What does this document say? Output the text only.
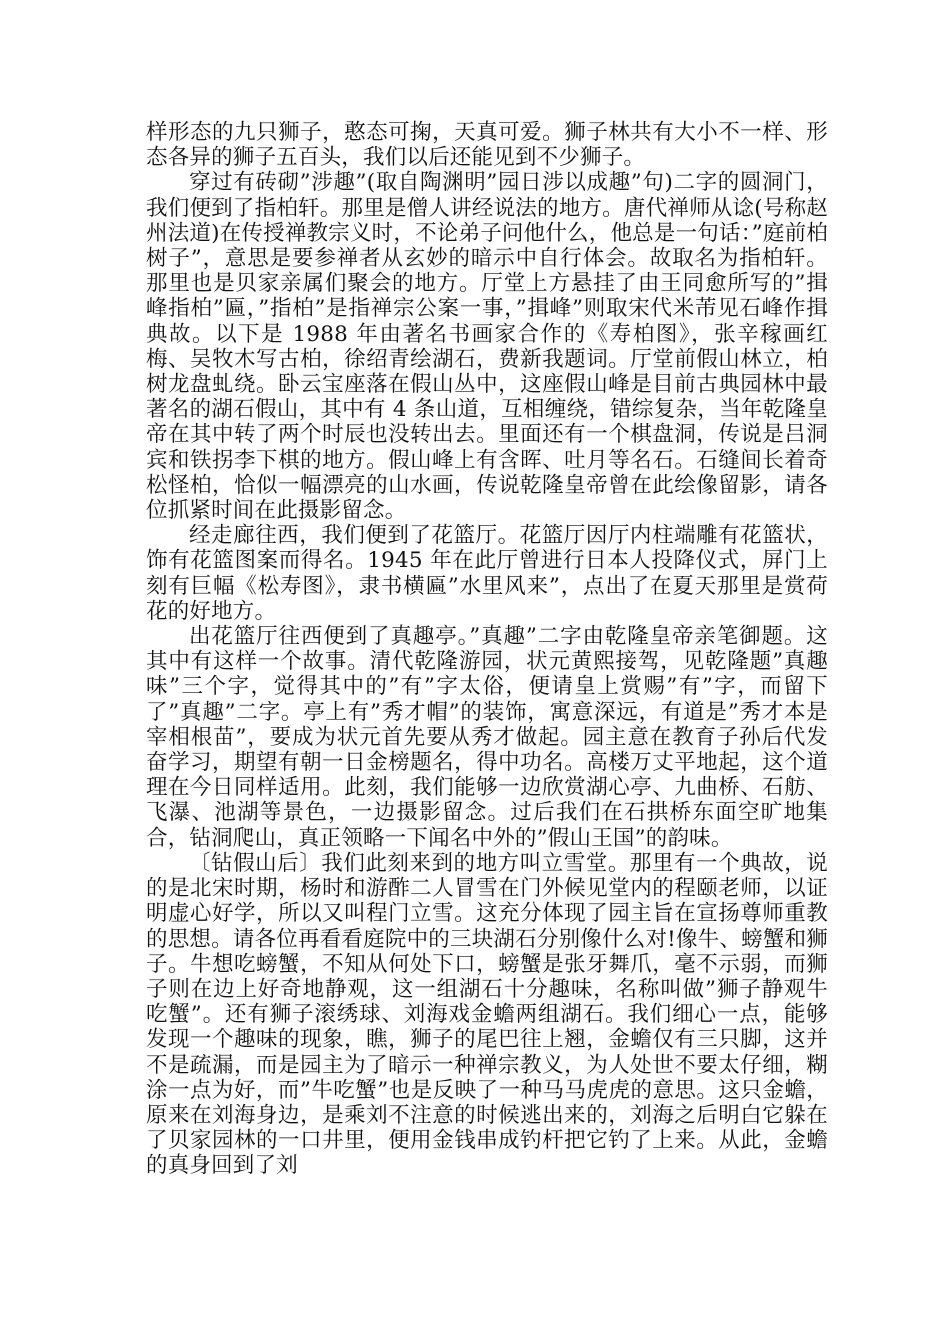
样形态的九只狮子，憨态可掬，天真可爱。狮子林共有大小不一样、形态各异的狮子五百头，我们以后还能见到不少狮子。

穿过有砖砌”涉趣”(取自陶渊明”园日涉以成趣”句)二字的圆洞门，我们便到了指柏轩。那里是僧人讲经说法的地方。唐代禅师从谂(号称赵州法道)在传授禅教宗义时，不论弟子问他什么，他总是一句话：”庭前柏树子”，意思是要参禅者从玄妙的暗示中自行体会。故取名为指柏轩。那里也是贝家亲属们聚会的地方。厅堂上方悬挂了由王同愈所写的”揖峰指柏”匾，”指柏”是指禅宗公案一事，”揖峰”则取宋代米芾见石峰作揖典故。以下是 1988 年由著名书画家合作的《寿柏图》，张辛稼画红梅、吴牧木写古柏，徐绍青绘湖石，费新我题词。厅堂前假山林立，柏树龙盘虬绕。卧云宝座落在假山丛中，这座假山峰是目前古典园林中最著名的湖石假山，其中有 4 条山道，互相缠绕，错综复杂，当年乾隆皇帝在其中转了两个时辰也没转出去。里面还有一个棋盘洞，传说是吕洞宾和铁拐李下棋的地方。假山峰上有含晖、吐月等名石。石缝间长着奇松怪柏，恰似一幅漂亮的山水画，传说乾隆皇帝曾在此绘像留影，请各位抓紧时间在此摄影留念。

经走廊往西，我们便到了花篮厅。花篮厅因厅内柱端雕有花篮状，饰有花篮图案而得名。1945 年在此厅曾进行日本人投降仪式，屏门上刻有巨幅《松寿图》，隶书横匾”水里风来”，点出了在夏天那里是赏荷花的好地方。

出花篮厅往西便到了真趣亭。”真趣”二字由乾隆皇帝亲笔御题。这其中有这样一个故事。清代乾隆游园，状元黄熙接驾，见乾隆题”真趣味”三个字，觉得其中的”有”字太俗，便请皇上赏赐”有”字，而留下了”真趣”二字。亭上有”秀才帽”的装饰，寓意深远，有道是”秀才本是宰相根苗”，要成为状元首先要从秀才做起。园主意在教育子孙后代发奋学习，期望有朝一日金榜题名，得中功名。高楼万丈平地起，这个道理在今日同样适用。此刻，我们能够一边欣赏湖心亭、九曲桥、石舫、飞瀑、池湖等景色，一边摄影留念。过后我们在石拱桥东面空旷地集合，钻洞爬山，真正领略一下闻名中外的”假山王国”的韵味。

〔钻假山后〕我们此刻来到的地方叫立雪堂。那里有一个典故，说的是北宋时期，杨时和游酢二人冒雪在门外候见堂内的程颐老师，以证明虚心好学，所以又叫程门立雪。这充分体现了园主旨在宣扬尊师重教的思想。请各位再看看庭院中的三块湖石分别像什么对!像牛、螃蟹和狮子。牛想吃螃蟹，不知从何处下口，螃蟹是张牙舞爪，毫不示弱，而狮子则在边上好奇地静观，这一组湖石十分趣味，名称叫做”狮子静观牛吃蟹”。还有狮子滚绣球、刘海戏金蟾两组湖石。我们细心一点，能够发现一个趣味的现象，瞧，狮子的尾巴往上翘，金蟾仅有三只脚，这并不是疏漏，而是园主为了暗示一种禅宗教义，为人处世不要太仔细，糊涂一点为好，而”牛吃蟹”也是反映了一种马马虎虎的意思。这只金蟾，原来在刘海身边，是乘刘不注意的时候逃出来的，刘海之后明白它躲在了贝家园林的一口井里，便用金钱串成钓杆把它钓了上来。从此，金蟾的真身回到了刘
